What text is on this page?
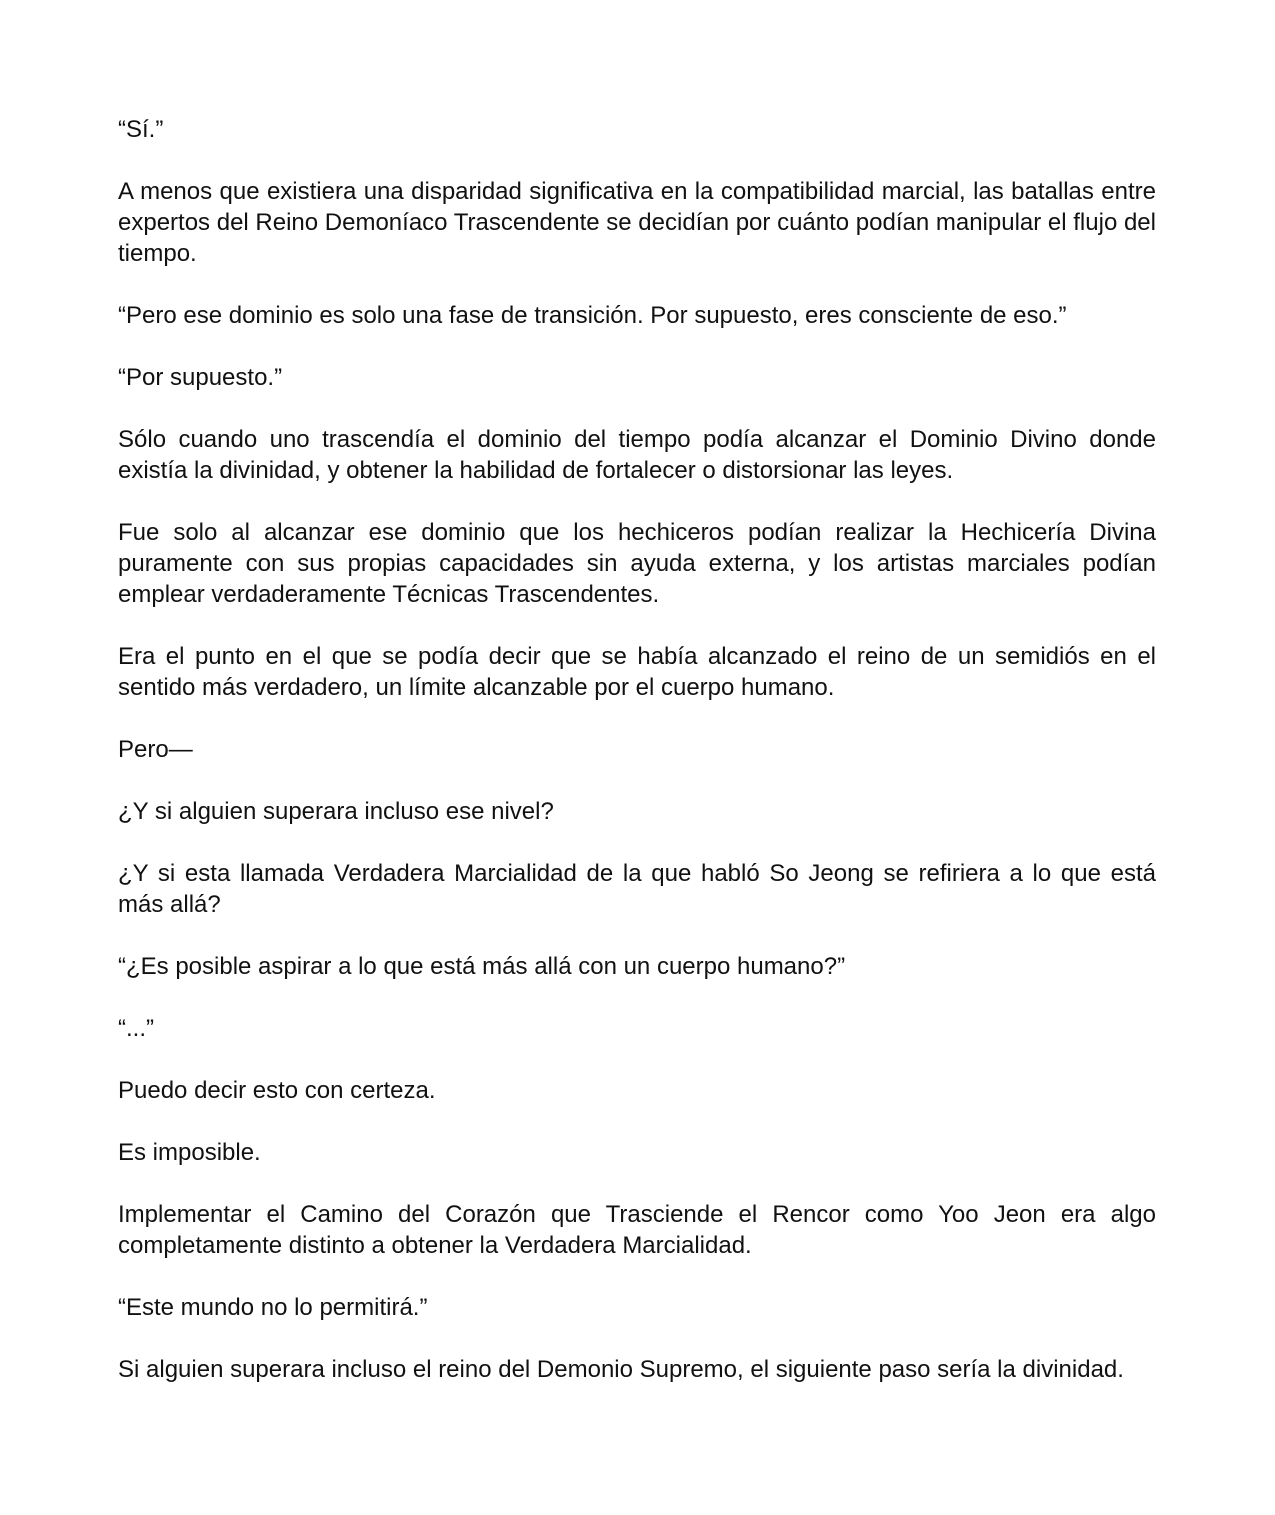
“Sí.”

A menos que existiera una disparidad significativa en la compatibilidad marcial, las batallas entre expertos del Reino Demoníaco Trascendente se decidían por cuánto podían manipular el flujo del tiempo.

“Pero ese dominio es solo una fase de transición. Por supuesto, eres consciente de eso.”

“Por supuesto.”

Sólo cuando uno trascendía el dominio del tiempo podía alcanzar el Dominio Divino donde existía la divinidad, y obtener la habilidad de fortalecer o distorsionar las leyes.

Fue solo al alcanzar ese dominio que los hechiceros podían realizar la Hechicería Divina puramente con sus propias capacidades sin ayuda externa, y los artistas marciales podían emplear verdaderamente Técnicas Trascendentes.

Era el punto en el que se podía decir que se había alcanzado el reino de un semidiós en el sentido más verdadero, un límite alcanzable por el cuerpo humano.

Pero—

¿Y si alguien superara incluso ese nivel?

¿Y si esta llamada Verdadera Marcialidad de la que habló So Jeong se refiriera a lo que está más allá?

“¿Es posible aspirar a lo que está más allá con un cuerpo humano?”

“...”

Puedo decir esto con certeza.

Es imposible.

Implementar el Camino del Corazón que Trasciende el Rencor como Yoo Jeon era algo completamente distinto a obtener la Verdadera Marcialidad.

“Este mundo no lo permitirá.”

Si alguien superara incluso el reino del Demonio Supremo, el siguiente paso sería la divinidad.
